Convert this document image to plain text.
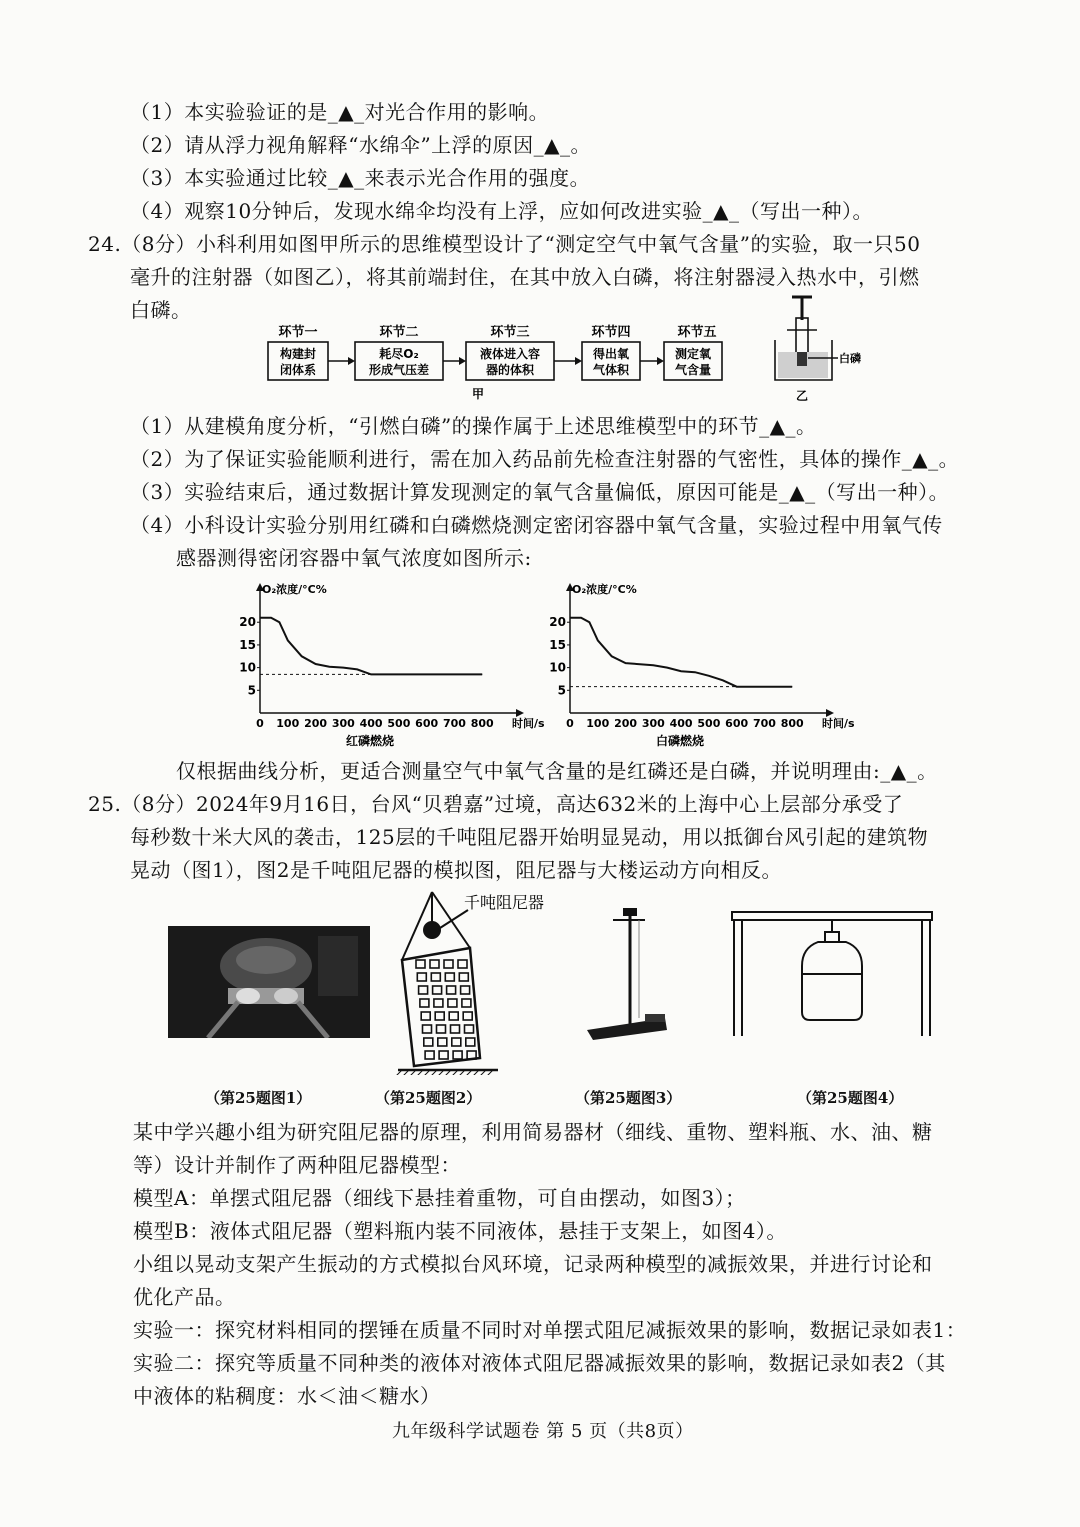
（1）本实验验证的是_▲_对光合作用的影响。
（2）请从浮力视角解释“水绵伞”上浮的原因_▲_。
（3）本实验通过比较_▲_来表示光合作用的强度。
（4）观察10分钟后，发现水绵伞均没有上浮，应如何改进实验_▲_（写出一种）。
24.（8分）小科利用如图甲所示的思维模型设计了“测定空气中氧气含量”的实验，取一只50
毫升的注射器（如图乙），将其前端封住，在其中放入白磷，将注射器浸入热水中，引燃
白磷。
环节一	环节二	环节三	环节四	环节五
构建封
闭体系
耗尽O₂
形成气压差
液体进入容
器的体积
得出氧
气体积
测定氧
气含量
甲	乙
白磷
（1）从建模角度分析，“引燃白磷”的操作属于上述思维模型中的环节_▲_。
（2）为了保证实验能顺利进行，需在加入药品前先检查注射器的气密性，具体的操作_▲_。
（3）实验结束后，通过数据计算发现测定的氧气含量偏低，原因可能是_▲_（写出一种）。
（4）小科设计实验分别用红磷和白磷燃烧测定密闭容器中氧气含量，实验过程中用氧气传
感器测得密闭容器中氧气浓度如图所示:
O₂浓度/°C%
5
10
15
20
0 100 200 300 400 500 600 700 800 时间/s
红磷燃烧
O₂浓度/°C%
5
10
15
20
0 100 200 300 400 500 600 700 800 时间/s
白磷燃烧
仅根据曲线分析，更适合测量空气中氧气含量的是红磷还是白磷，并说明理由:_▲_。
25.（8分）2024年9月16日，台风“贝碧嘉”过境，高达632米的上海中心上层部分承受了
每秒数十米大风的袭击，125层的千吨阻尼器开始明显晃动，用以抵御台风引起的建筑物
晃动（图1），图2是千吨阻尼器的模拟图，阻尼器与大楼运动方向相反。
千吨阻尼器
（第25题图1）	（第25题图2）	（第25题图3）	（第25题图4）
某中学兴趣小组为研究阻尼器的原理，利用简易器材（细线、重物、塑料瓶、水、油、糖
等）设计并制作了两种阻尼器模型：
模型A：单摆式阻尼器（细线下悬挂着重物，可自由摆动，如图3）；
模型B：液体式阻尼器（塑料瓶内装不同液体，悬挂于支架上，如图4）。
小组以晃动支架产生振动的方式模拟台风环境，记录两种模型的减振效果，并进行讨论和
优化产品。
实验一：探究材料相同的摆锤在质量不同时对单摆式阻尼减振效果的影响，数据记录如表1：
实验二：探究等质量不同种类的液体对液体式阻尼器减振效果的影响，数据记录如表2（其
中液体的粘稠度：水＜油＜糖水）
九年级科学试题卷 第 5 页（共8页）
